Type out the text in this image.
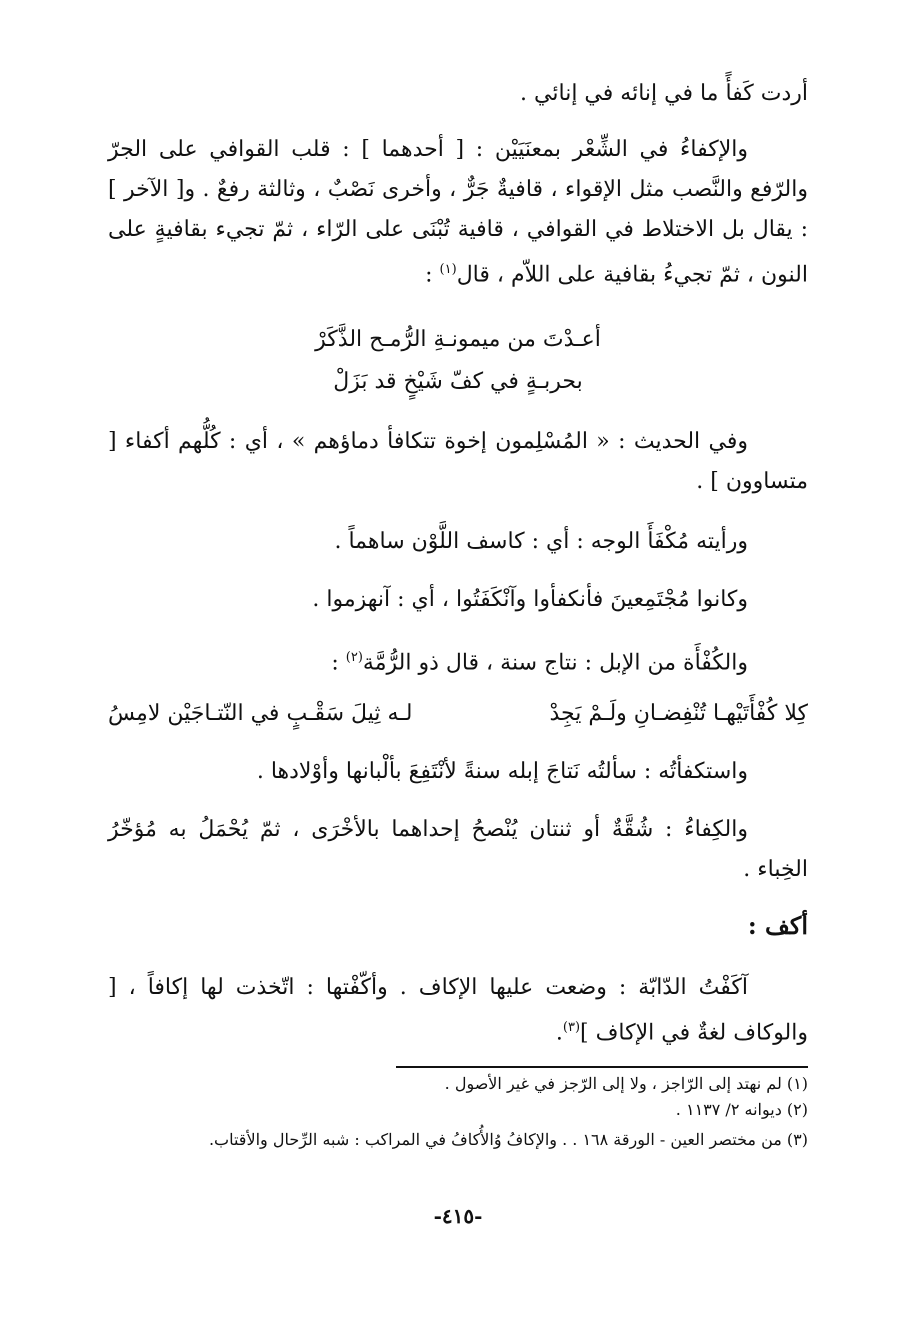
أردت كَفأً ما في إنائه في إنائي .
والإكفاءُ في الشِّعْر بمعنَيَيْن : [ أحدهما ] : قلب القوافي على الجرّ والرّفع والنَّصب مثل الإقواء ، قافيةٌ جَرٌّ ، وأخرى نَصْبٌ ، وثالثة رفعٌ . و[ الآخر ] : يقال بل الاختلاط في القوافي ، قافية تُبْنَى على الرّاء ، ثمّ تجيء بقافيةٍ على النون ، ثمّ تجيءُ بقافية على اللاّم ، قال$^{(١)}$ :
أعـدْتَ من ميمونـةِ الرُّمـح الذَّكَرْ
بحربـةٍ في كفّ شَيْخٍ قد بَزَلْ
وفي الحديث : « المُسْلِمون إخوة تتكافأ دماؤهم » ، أي : كُلُّهم أكفاء [ متساوون ] .
ورأيته مُكْفَأَ الوجه : أي : كاسف اللَّوْن ساهماً .
وكانوا مُجْتَمِعينَ فأنكفأوا وآنْكَفَتُوا ، أي : آنهزموا .
والكُفْأَة من الإبل : نتاج سنة ، قال ذو الرُّمَّة$^{(٢)}$ :
كِلا كُفْأَتَيْهـا تُنْفِضـانِ ولَـمْ يَجِدْ
لـه ثِيلَ سَقْـبٍ في النّتـاجَيْن لامِسُ
واستكفأتُه : سألتُه نَتاجَ إبله سنةً لأنْتَفِعَ بألْبانها وأوْلادها .
والكِفاءُ : شُقَّةٌ أو ثنتان يُنْصحُ إحداهما بالأخْرَى ، ثمّ يُحْمَلُ به مُؤخّرُ الخِباء .
أكف :
آكَفْتُ الدّابّة : وضعت عليها الإكاف . وأكّفْتها : اتّخذت لها إكافاً ، [ والوكاف لغةٌ في الإكاف ]$^{(٣)}$.
(١) لم نهتد إلى الرّاجز ، ولا إلى الرّجز في غير الأصول .
(٢) ديوانه ٢/ ١١٣٧ .
(٣) من مختصر العين - الورقة ١٦٨ . . والإكافُ وُالأُكافُ في المراكب : شبه الرِّحال والأقتاب.
-٤١٥-
